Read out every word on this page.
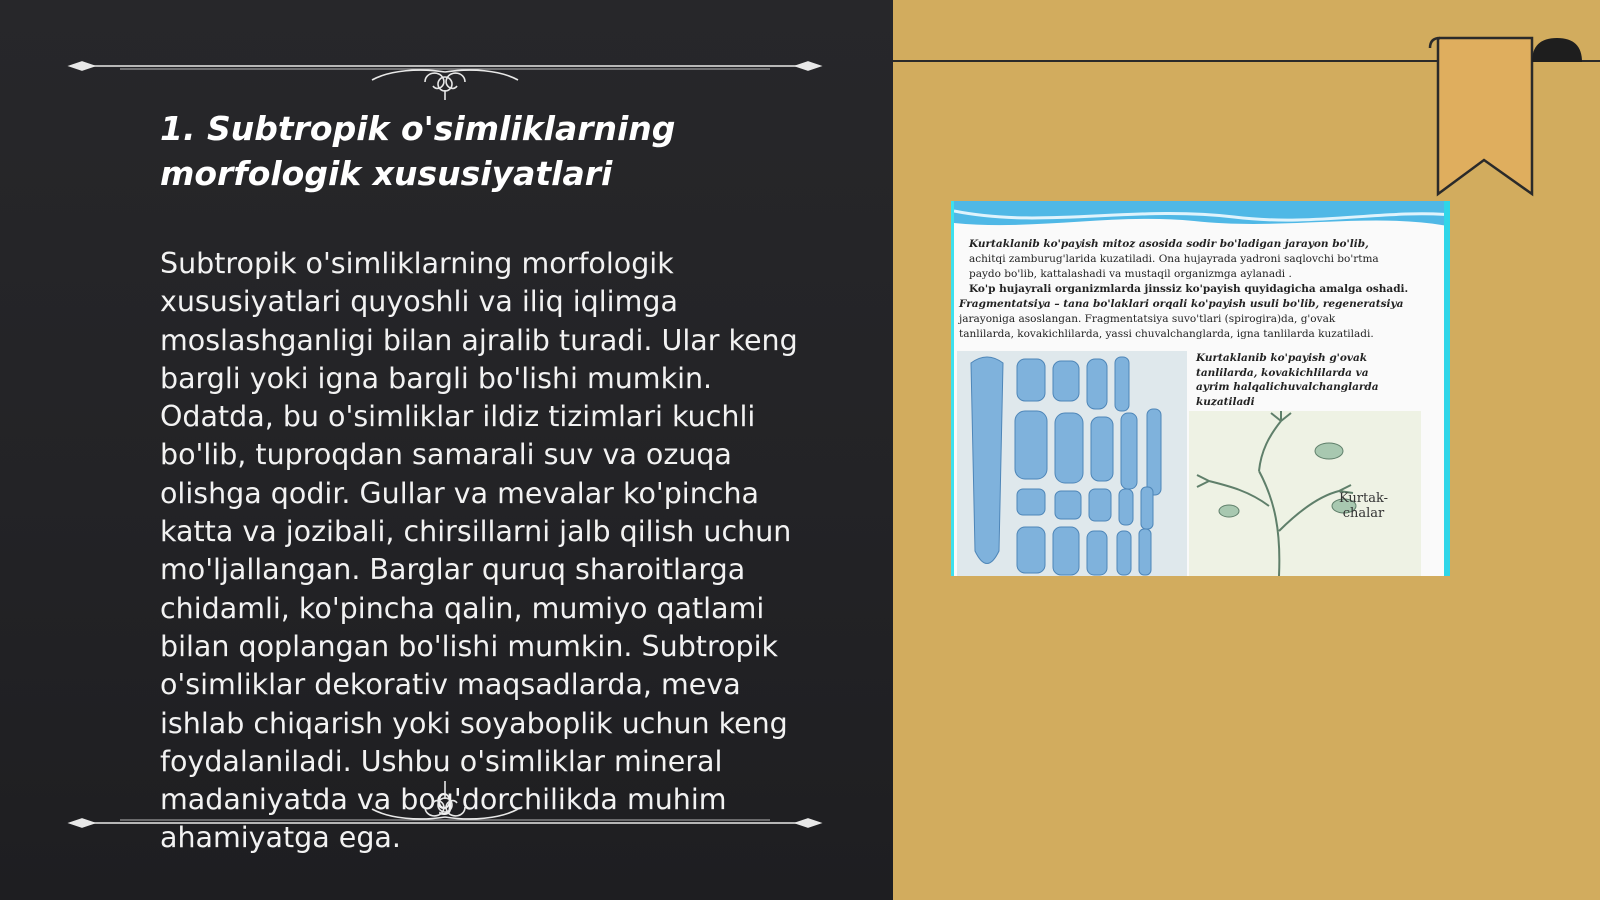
1. Subtropik o'simliklarning
morfologik xususiyatlari
Subtropik o'simliklarning morfologik
xususiyatlari quyoshli va iliq iqlimga
moslashganligi bilan ajralib turadi. Ular keng
bargli yoki igna bargli bo'lishi mumkin.
Odatda, bu o'simliklar ildiz tizimlari kuchli
bo'lib, tuproqdan samarali suv va ozuqa
olishga qodir. Gullar va mevalar ko'pincha
katta va jozibali, chirsillarni jalb qilish uchun
mo'ljallangan. Barglar quruq sharoitlarga
chidamli, ko'pincha qalin, mumiyo qatlami
bilan qoplangan bo'lishi mumkin. Subtropik
o'simliklar dekorativ maqsadlarda, meva
ishlab chiqarish yoki soyaboplik uchun keng
foydalaniladi. Ushbu o'simliklar mineral
madaniyatda va bog'dorchilikda muhim
ahamiyatga ega.
Kurtaklanib ko'payish mitoz asosida sodir bo'ladigan jarayon bo'lib,
achitqi zamburug'larida kuzatiladi. Ona hujayrada yadroni saqlovchi bo'rtma
paydo bo'lib, kattalashadi va mustaqil organizmga aylanadi .
Ko'p hujayrali organizmlarda jinssiz ko'payish quyidagicha amalga oshadi.
Fragmentatsiya – tana bo'laklari orqali ko'payish usuli bo'lib, regeneratsiya
jarayoniga asoslangan. Fragmentatsiya suvo'tlari (spirogira)da, g'ovak
tanlilarda, kovakichlilarda, yassi chuvalchanglarda, igna tanlilarda kuzatiladi.
Kurtaklanib ko'payish g'ovak
tanlilarda, kovakichlilarda va
ayrim halqalichuvalchanglarda
kuzatiladi
Kurtak-
chalar
